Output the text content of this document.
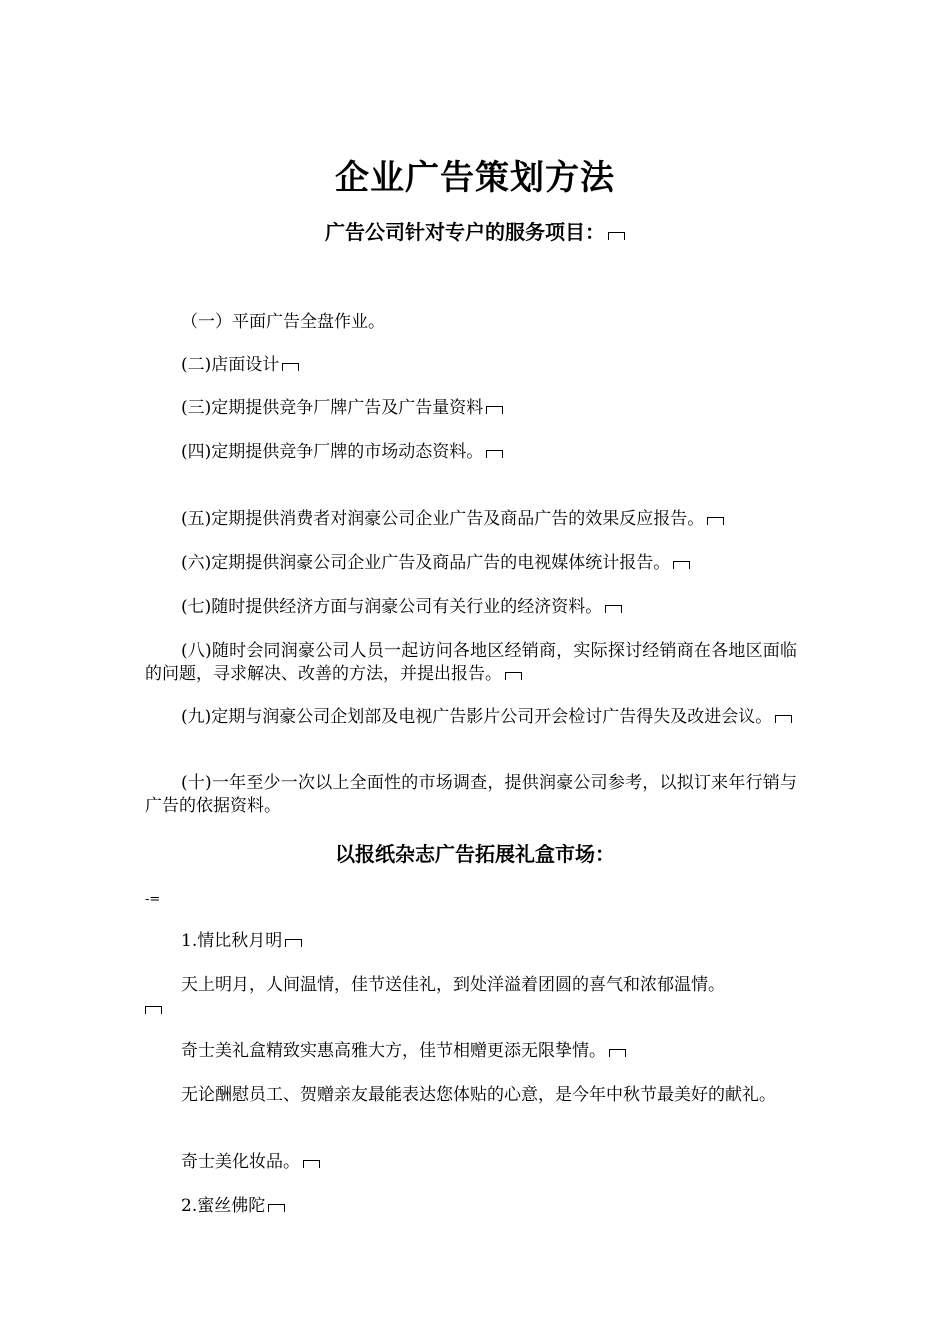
企业广告策划方法
广告公司针对专户的服务项目：
（一）平面广告全盘作业。
(二)店面设计
(三)定期提供竞争厂牌广告及广告量资料
(四)定期提供竞争厂牌的市场动态资料。
(五)定期提供消费者对润豪公司企业广告及商品广告的效果反应报告。
(六)定期提供润豪公司企业广告及商品广告的电视媒体统计报告。
(七)随时提供经济方面与润豪公司有关行业的经济资料。
(八)随时会同润豪公司人员一起访问各地区经销商，实际探讨经销商在各地区面临的问题，寻求解决、改善的方法，并提出报告。
(九)定期与润豪公司企划部及电视广告影片公司开会检讨广告得失及改进会议。
(十)一年至少一次以上全面性的市场调查，提供润豪公司参考，以拟订来年行销与广告的依据资料。
以报纸杂志广告拓展礼盒市场：
-=
1.情比秋月明
天上明月，人间温情，佳节送佳礼，到处洋溢着团圆的喜气和浓郁温情。

奇士美礼盒精致实惠高雅大方，佳节相赠更添无限挚情。
无论酬慰员工、贺赠亲友最能表达您体贴的心意，是今年中秋节最美好的献礼。
奇士美化妆品。
2.蜜丝佛陀
